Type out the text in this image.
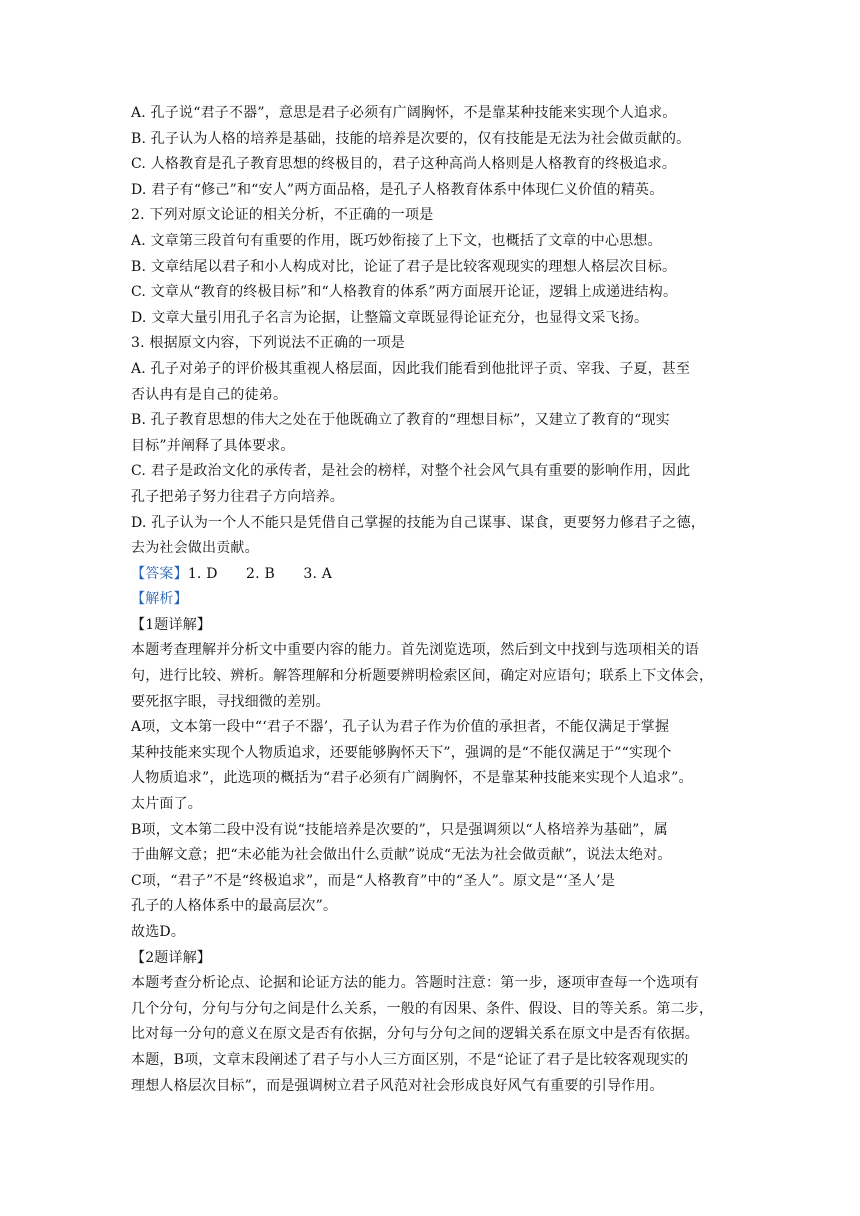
A. 孔子说“君子不器”，意思是君子必须有广阔胸怀，不是靠某种技能来实现个人追求。
B. 孔子认为人格的培养是基础，技能的培养是次要的，仅有技能是无法为社会做贡献的。
C. 人格教育是孔子教育思想的终极目的，君子这种高尚人格则是人格教育的终极追求。
D. 君子有“修己”和“安人”两方面品格，是孔子人格教育体系中体现仁义价值的精英。
2. 下列对原文论证的相关分析，不正确的一项是
A. 文章第三段首句有重要的作用，既巧妙衔接了上下文，也概括了文章的中心思想。
B. 文章结尾以君子和小人构成对比，论证了君子是比较客观现实的理想人格层次目标。
C. 文章从“教育的终极目标”和“人格教育的体系”两方面展开论证，逻辑上成递进结构。
D. 文章大量引用孔子名言为论据，让整篇文章既显得论证充分，也显得文采飞扬。
3. 根据原文内容，下列说法不正确的一项是
A. 孔子对弟子的评价极其重视人格层面，因此我们能看到他批评子贡、宰我、子夏，甚至
否认冉有是自己的徒弟。
B. 孔子教育思想的伟大之处在于他既确立了教育的“理想目标”，又建立了教育的“现实
目标”并阐释了具体要求。
C. 君子是政治文化的承传者，是社会的榜样，对整个社会风气具有重要的影响作用，因此
孔子把弟子努力往君子方向培养。
D. 孔子认为一个人不能只是凭借自己掌握的技能为自己谋事、谋食，更要努力修君子之德，
去为社会做出贡献。
【答案】1. D　　2. B　　3. A
【解析】
【1题详解】
本题考查理解并分析文中重要内容的能力。首先浏览选项，然后到文中找到与选项相关的语
句，进行比较、辨析。解答理解和分析题要辨明检索区间，确定对应语句；联系上下文体会，
要死抠字眼，寻找细微的差别。
A项，文本第一段中“‘君子不器’，孔子认为君子作为价值的承担者，不能仅满足于掌握
某种技能来实现个人物质追求，还要能够胸怀天下”，强调的是“不能仅满足于”“实现个
人物质追求”，此选项的概括为“君子必须有广阔胸怀，不是靠某种技能来实现个人追求”。
太片面了。
B项，文本第二段中没有说“技能培养是次要的”，只是强调须以“人格培养为基础”，属
于曲解文意；把“未必能为社会做出什么贡献”说成“无法为社会做贡献”，说法太绝对。
C项，“君子”不是“终极追求”，而是“人格教育”中的“圣人”。原文是“‘圣人’是
孔子的人格体系中的最高层次”。
故选D。
【2题详解】
本题考查分析论点、论据和论证方法的能力。答题时注意：第一步，逐项审查每一个选项有
几个分句，分句与分句之间是什么关系，一般的有因果、条件、假设、目的等关系。第二步，
比对每一分句的意义在原文是否有依据，分句与分句之间的逻辑关系在原文中是否有依据。
本题，B项，文章末段阐述了君子与小人三方面区别，不是“论证了君子是比较客观现实的
理想人格层次目标”，而是强调树立君子风范对社会形成良好风气有重要的引导作用。
